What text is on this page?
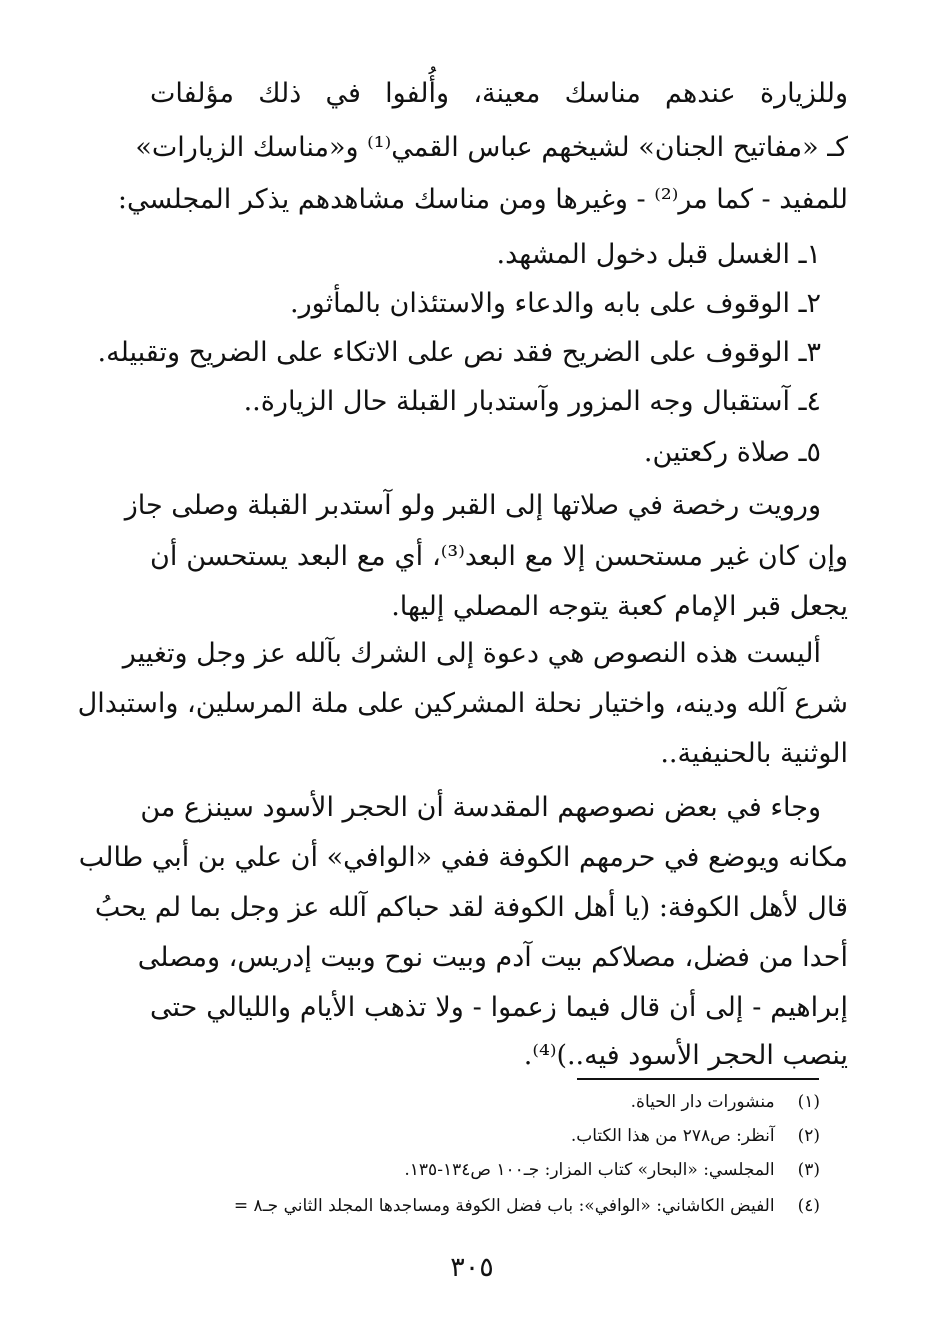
وللزيارة عندهم مناسك معينة، وأُلفوا في ذلك مؤلفات
كـ «مفاتيح الجنان» لشيخهم عباس القمي⁽¹⁾ و«مناسك الزيارات»
للمفيد - كما مر⁽²⁾ - وغيرها ومن مناسك مشاهدهم يذكر المجلسي:
١ـ الغسل قبل دخول المشهد.
٢ـ الوقوف على بابه والدعاء والاستئذان بالمأثور.
٣ـ الوقوف على الضريح فقد نص على الاتكاء على الضريح وتقبيله.
٤ـ آستقبال وجه المزور وآستدبار القبلة حال الزيارة..
٥ـ صلاة ركعتين.
ورويت رخصة في صلاتها إلى القبر ولو آستدبر القبلة وصلى جاز
وإن كان غير مستحسن إلا مع البعد⁽³⁾، أي مع البعد يستحسن أن
يجعل قبر الإمام كعبة يتوجه المصلي إليها.
أليست هذه النصوص هي دعوة إلى الشرك بآلله عز وجل وتغيير
شرع آلله ودينه، واختيار نحلة المشركين على ملة المرسلين، واستبدال
الوثنية بالحنيفية..
وجاء في بعض نصوصهم المقدسة أن الحجر الأسود سينزع من
مكانه ويوضع في حرمهم الكوفة ففي «الوافي» أن علي بن أبي طالب
قال لأهل الكوفة: (يا أهل الكوفة لقد حباكم آلله عز وجل بما لم يحبُ
أحدا من فضل، مصلاكم بيت آدم وبيت نوح وبيت إدريس، ومصلى
إبراهيم - إلى أن قال فيما زعموا - ولا تذهب الأيام والليالي حتى
ينصب الحجر الأسود فيه..)⁽⁴⁾.
(١) منشورات دار الحياة.
(٢) آنظر: ص٢٧٨ من هذا الكتاب.
(٣) المجلسي: «البحار» كتاب المزار: جـ١٠٠ ص١٣٤-١٣٥.
(٤) الفيض الكاشاني: «الوافي»: باب فضل الكوفة ومساجدها المجلد الثاني جـ٨ =
٣٠٥
